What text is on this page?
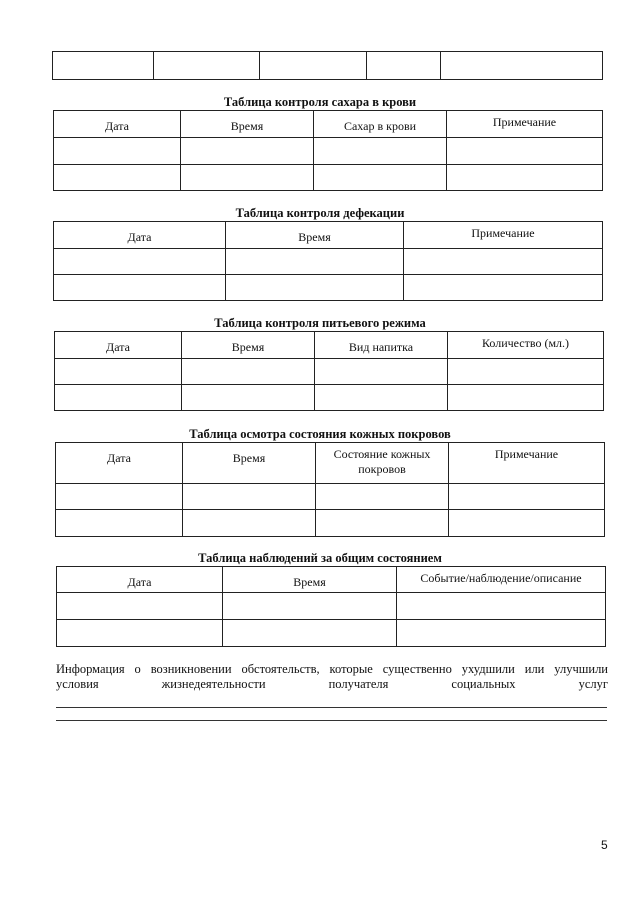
Таблица контроля сахара в крови
Дата	Время	Сахар в крови	Примечание

Таблица контроля дефекации
Дата	Время	Примечание

Таблица контроля питьевого режима
Дата	Время	Вид напитка	Количество (мл.)

Таблица осмотра состояния кожных покровов
Дата	Время	Состояние кожных покровов	Примечание

Таблица наблюдений за общим состоянием
Дата	Время	Событие/наблюдение/описание

Информация о возникновении обстоятельств, которые существенно ухудшили или улучшили
условия	жизнедеятельности	получателя	социальных	услуг
5
